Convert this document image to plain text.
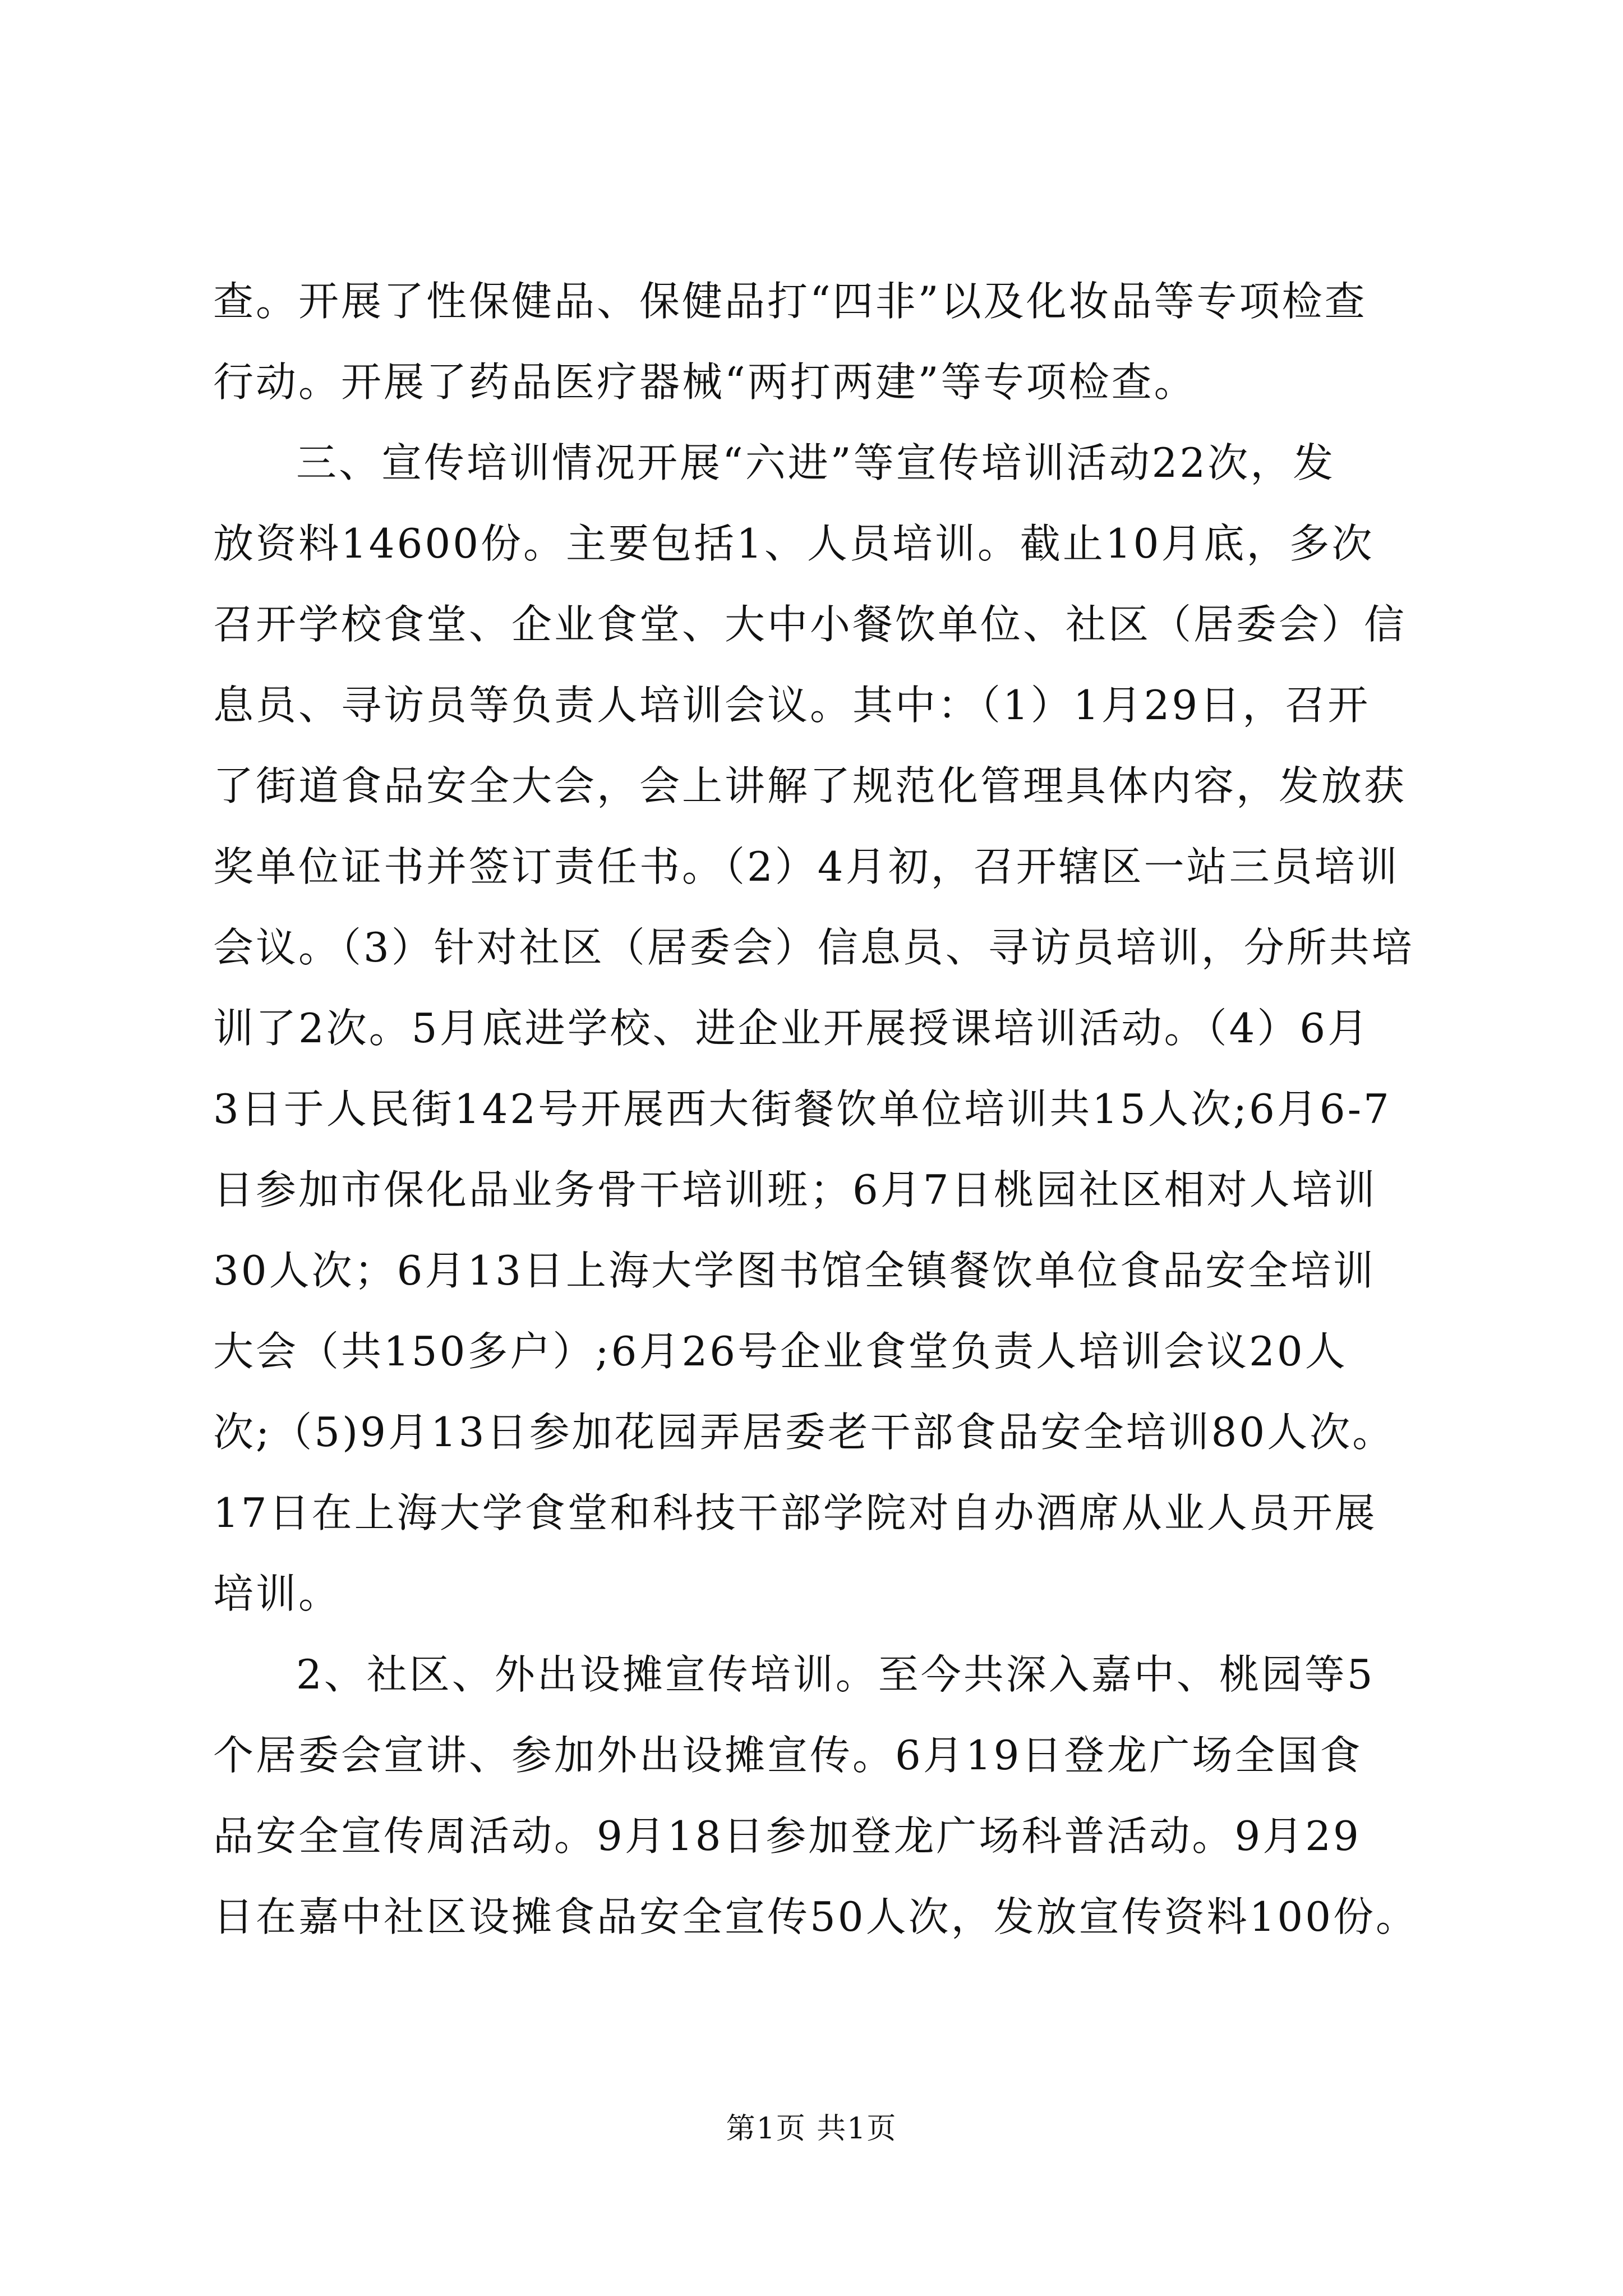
查。开展了性保健品、保健品打“四非”以及化妆品等专项检查
行动。开展了药品医疗器械“两打两建”等专项检查。
三、宣传培训情况开展“六进”等宣传培训活动22次，发
放资料14600份。主要包括1、人员培训。截止10月底，多次
召开学校食堂、企业食堂、大中小餐饮单位、社区（居委会）信
息员、寻访员等负责人培训会议。其中：（1）1月29日，召开
了街道食品安全大会，会上讲解了规范化管理具体内容，发放获
奖单位证书并签订责任书。（2）4月初，召开辖区一站三员培训
会议。（3）针对社区（居委会）信息员、寻访员培训，分所共培
训了2次。5月底进学校、进企业开展授课培训活动。（4）6月
3日于人民街142号开展西大街餐饮单位培训共15人次;6月6-7
日参加市保化品业务骨干培训班；6月7日桃园社区相对人培训
30人次；6月13日上海大学图书馆全镇餐饮单位食品安全培训
大会（共150多户）;6月26号企业食堂负责人培训会议20人
次;（5)9月13日参加花园弄居委老干部食品安全培训80人次。
17日在上海大学食堂和科技干部学院对自办酒席从业人员开展
培训。
2、社区、外出设摊宣传培训。至今共深入嘉中、桃园等5
个居委会宣讲、参加外出设摊宣传。6月19日登龙广场全国食
品安全宣传周活动。9月18日参加登龙广场科普活动。9月29
日在嘉中社区设摊食品安全宣传50人次，发放宣传资料100份。
第1页 共1页
